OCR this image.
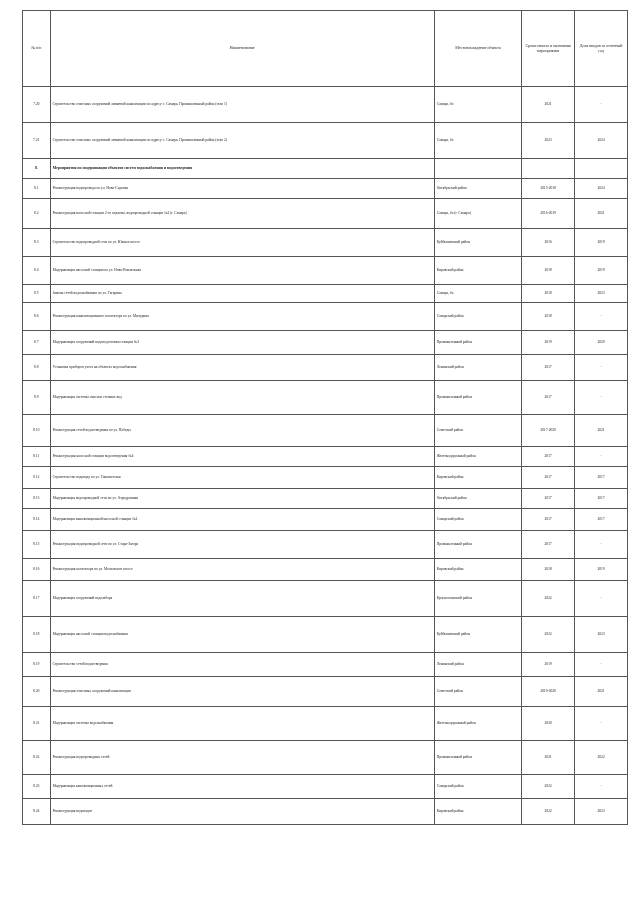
№ п/п	Наименование	Местонахождение объекта	Сроки начала и окончания мероприятия	Доля вводов за отчетный год
7.20	Строительство очистных сооружений ливневой канализации по адресу: г. Самара, Промышленный район (этап 1)	Самара, 4ч	2021	-
7.21	Строительство очистных сооружений ливневой канализации по адресу: г. Самара, Промышленный район (этап 2)	Самара, 4ч	2023	2024
8.	Мероприятия по модернизации объектов систем водоснабжения и водоотведения			
8.1	Реконструкция водопровода по ул. Ново-Садовая	Октябрьский район	2015-2018	2024
8.2	Реконструкция насосной станции 2-го подъема, водопроводной станции №2 (г. Самара)	Самара, 4ч (г. Самара)	2016-2019	2021
8.3	Строительство водопроводной сети по ул. Южное шоссе	Куйбышевский район	2016	2019
8.4	Модернизация насосной станции по ул. Ново-Вокзальная	Кировский район	2018	2019
8.5	Замена сетей водоснабжения по ул. Гагарина	Самара, 4ч	2018	2023
8.6	Реконструкция канализационного коллектора по ул. Мичурина	Самарский район	2018	-
8.7	Модернизация сооружений водоподготовки станции №3	Промышленный район	2019	2020
8.8	Установка приборов учета на объектах водоснабжения	Ленинский район	2017	-
8.9	Модернизация системы очистки сточных вод	Промышленный район	2017	-
8.10	Реконструкция сетей водоотведения по ул. Победы	Советский район	2017-2020	2021
8.11	Реконструкция насосной станции водоотведения №4	Железнодорожный район	2017	-
8.12	Строительство водовода по ул. Ташкентская	Кировский район	2017	2017
8.13	Модернизация водопроводной сети по ул. Аэродромная	Октябрьский район	2017	2017
8.14	Модернизация канализационной насосной станции №2	Самарский район	2017	2017
8.15	Реконструкция водопроводной сети по ул. Стара-Загора	Промышленный район	2017	-
8.16	Реконструкция коллектора по ул. Московское шоссе	Кировский район	2018	2019
8.17	Модернизация сооружений водозабора	Красноглинский район	2022	-
8.18	Модернизация насосной станции водоснабжения	Куйбышевский район	2022	2023
8.19	Строительство сетей водоотведения	Ленинский район	2019	-
8.20	Реконструкция очистных сооружений канализации	Советский район	2019-2020	2021
8.21	Модернизация системы водоснабжения	Железнодорожный район	2020	-
8.22	Реконструкция водопроводных сетей	Промышленный район	2021	2022
8.23	Модернизация канализационных сетей	Самарский район	2022	-
8.24	Реконструкция водоводов	Кировский район	2022	2023
